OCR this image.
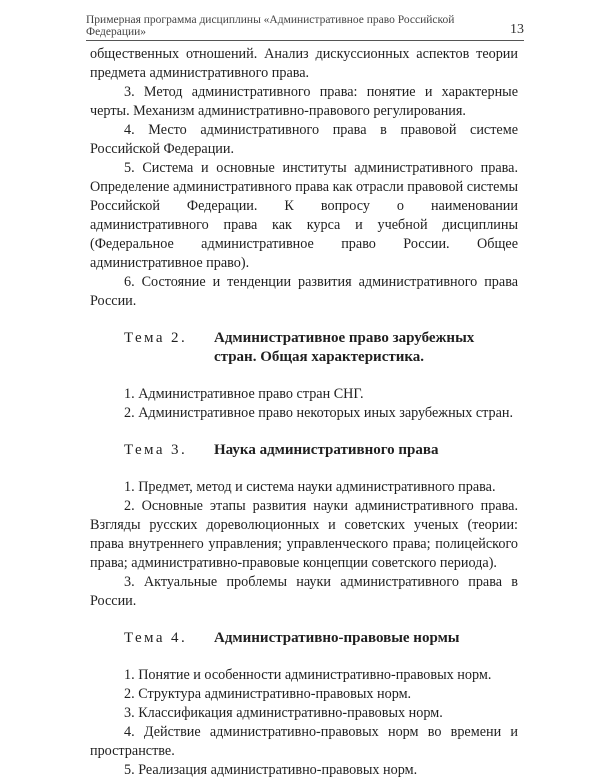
Примерная программа дисциплины «Административное право Российской Федерации»	13

общественных отношений. Анализ дискуссионных аспектов теории предмета административного права.

3. Метод административного права: понятие и характерные черты. Механизм административно-правового регулирования.

4. Место административного права в правовой системе Российской Федерации.

5. Система и основные институты административного права. Определение административного права как отрасли правовой системы Российской Федерации. К вопросу о наименовании административного права как курса и учебной дисциплины (Федеральное административное право России. Общее административное право).

6. Состояние и тенденции развития административного права России.

Тема 2.	Административное право зарубежных стран. Общая характеристика.

1. Административное право стран СНГ.

2. Административное право некоторых иных зарубежных стран.

Тема 3.	Наука административного права

1. Предмет, метод и система науки административного права.

2. Основные этапы развития науки административного права. Взгляды русских дореволюционных и советских ученых (теории: права внутреннего управления; управленческого права; полицейского права; административно-правовые концепции советского периода).

3. Актуальные проблемы науки административного права в России.

Тема 4.	Административно-правовые нормы

1. Понятие и особенности административно-правовых норм.

2. Структура административно-правовых норм.

3. Классификация административно-правовых норм.

4. Действие административно-правовых норм во времени и пространстве.

5. Реализация административно-правовых норм.
